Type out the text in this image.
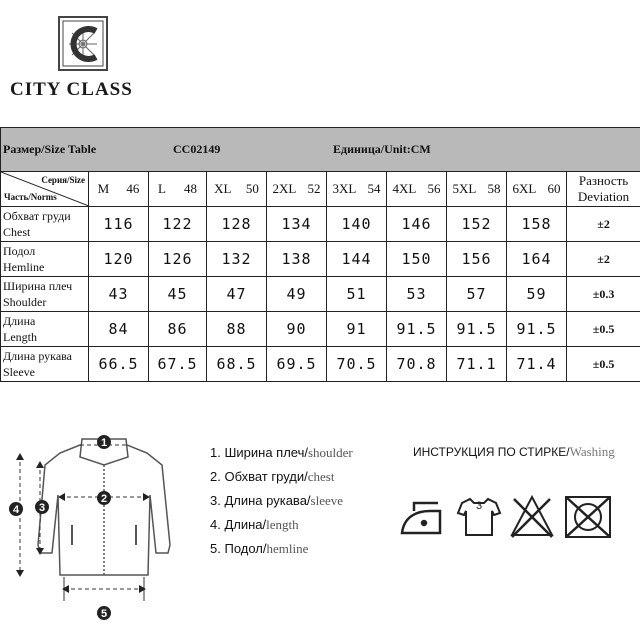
CITY CLASS
Размер/Size Table CC02149 Единица/Unit:CM									

Серия/Size
Часть/Norms	M 46	L 48	XL 50	2XL 52	3XL 54	4XL 56	5XL 58	6XL 60	Разность
Deviation
Обхват груди
Chest	116	122	128	134	140	146	152	158	±2
Подол
Hemline	120	126	132	138	144	150	156	164	±2
Ширина плеч
Shoulder	43	45	47	49	51	53	57	59	±0.3
Длина
Length	84	86	88	90	91	91.5	91.5	91.5	±0.5
Длина рукава
Sleeve	66.5	67.5	68.5	69.5	70.5	70.8	71.1	71.4	±0.5
1
2
3
4
5
1. Ширина плеч/shoulder
2. Обхват груди/chest
3. Длина рукава/sleeve
4. Длина/length
5. Подол/hemline
ИНСТРУКЦИЯ ПО СТИРКЕ/Washing
3
